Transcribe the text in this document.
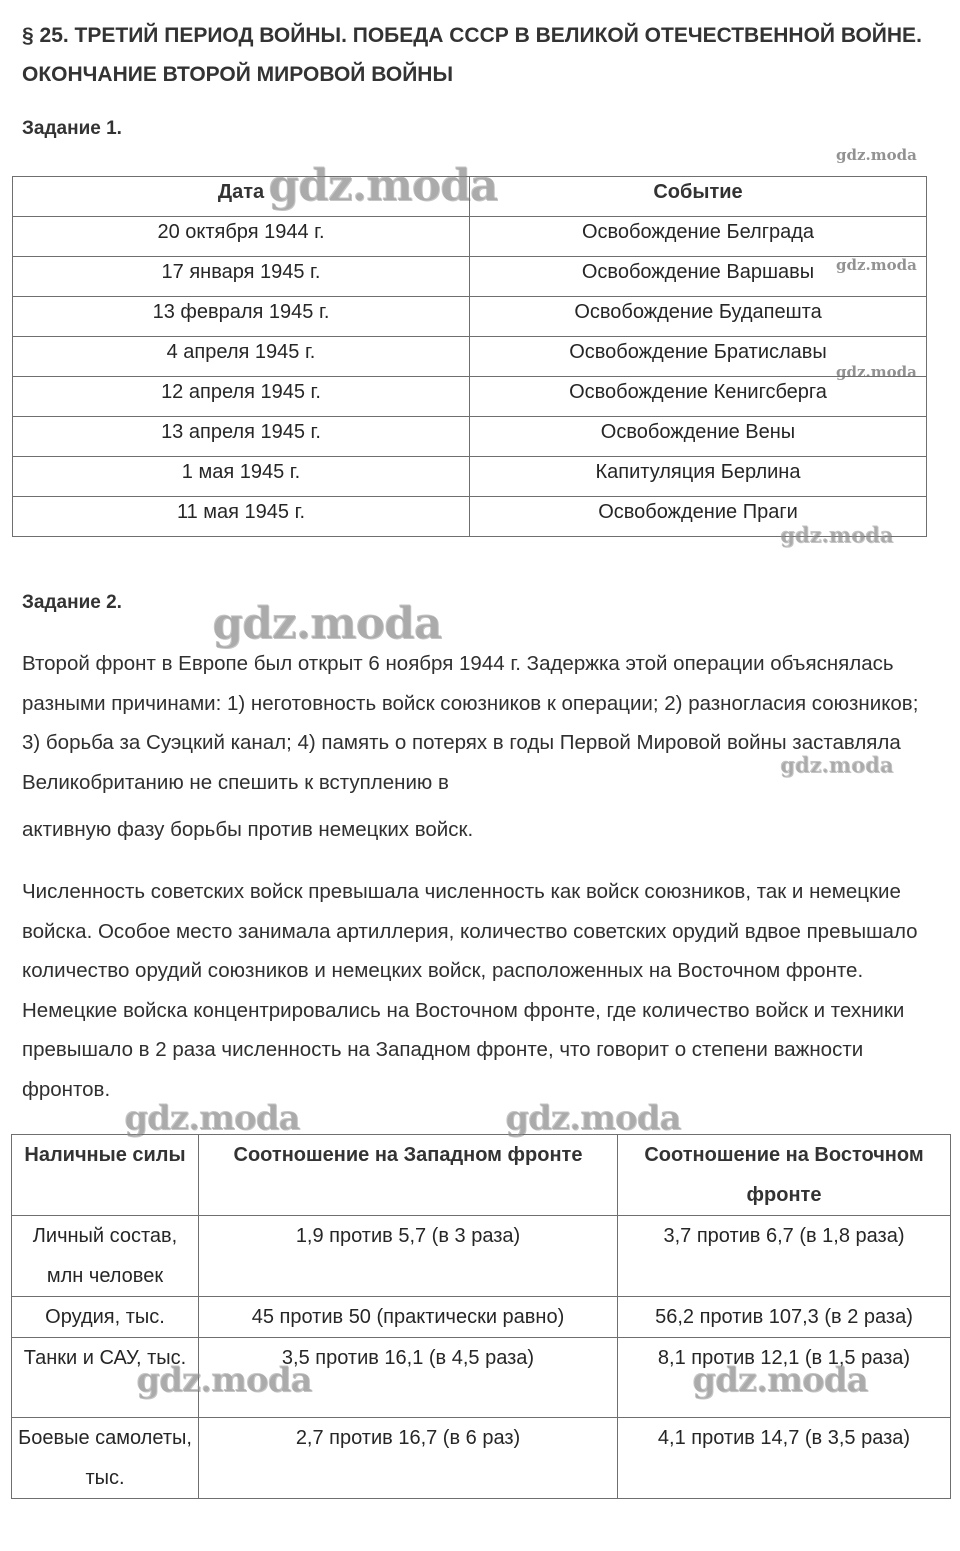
§ 25. ТРЕТИЙ ПЕРИОД ВОЙНЫ. ПОБЕДА СССР В ВЕЛИКОЙ ОТЕЧЕСТВЕННОЙ ВОЙНЕ. ОКОНЧАНИЕ ВТОРОЙ МИРОВОЙ ВОЙНЫ
Задание 1.
Дата	Событие
20 октября 1944 г.	Освобождение Белграда
17 января 1945 г.	Освобождение Варшавы
13 февраля 1945 г.	Освобождение Будапешта
4 апреля 1945 г.	Освобождение Братиславы
12 апреля 1945 г.	Освобождение Кенигсберга
13 апреля 1945 г.	Освобождение Вены
1 мая 1945 г.	Капитуляция Берлина
11 мая 1945 г.	Освобождение Праги
Задание 2.
Второй фронт в Европе был открыт 6 ноября 1944 г. Задержка этой операции объяснялась разными причинами: 1) неготовность войск союзников к операции; 2) разногласия союзников; 3) борьба за Суэцкий канал; 4) память о потерях в годы Первой Мировой войны заставляла Великобританию не спешить к вступлению в
активную фазу борьбы против немецких войск.
Численность советских войск превышала численность как войск союзников, так и немецкие войска. Особое место занимала артиллерия, количество советских орудий вдвое превышало количество орудий союзников и немецких войск, расположенных на Восточном фронте. Немецкие войска концентрировались на Восточном фронте, где количество войск и техники превышало в 2 раза численность на Западном фронте, что говорит о степени важности фронтов.
Наличные силы	Соотношение на Западном фронте	Соотношение на Восточном фронте
Личный состав, млн человек	1,9 против 5,7 (в 3 раза)	3,7 против 6,7 (в 1,8 раза)
Орудия, тыс.	45 против 50 (практически равно)	56,2 против 107,3 (в 2 раза)
Танки и САУ, тыс.	3,5 против 16,1 (в 4,5 раза)	8,1 против 12,1 (в 1,5 раза)
Боевые самолеты, тыс.	2,7 против 16,7 (в 6 раз)	4,1 против 14,7 (в 3,5 раза)
gdz.moda
gdz.moda
gdz.moda
gdz.moda
gdz.moda
gdz.moda
gdz.moda
gdz.moda	gdz.moda
gdz.moda	gdz.moda
